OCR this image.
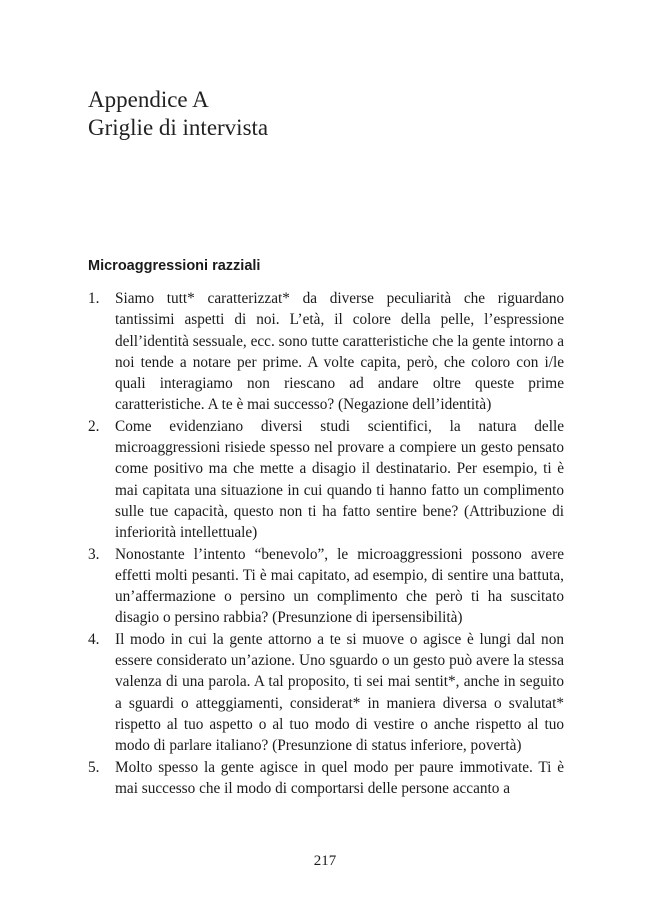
Appendice A
Griglie di intervista
Microaggressioni razziali
1. Siamo tutt* caratterizzat* da diverse peculiarità che riguardano tantissimi aspetti di noi. L’età, il colore della pelle, l’espressione dell’identità sessuale, ecc. sono tutte caratteristiche che la gente intorno a noi tende a notare per prime. A volte capita, però, che coloro con i/le quali interagiamo non riescano ad andare oltre queste prime caratteristiche. A te è mai successo? (Negazione dell’identità)
2. Come evidenziano diversi studi scientifici, la natura delle microaggressioni risiede spesso nel provare a compiere un gesto pensato come positivo ma che mette a disagio il destinatario. Per esempio, ti è mai capitata una situazione in cui quando ti hanno fatto un complimento sulle tue capacità, questo non ti ha fatto sentire bene? (Attribuzione di inferiorità intellettuale)
3. Nonostante l’intento “benevolo”, le microaggressioni possono avere effetti molti pesanti. Ti è mai capitato, ad esempio, di sentire una battuta, un’affermazione o persino un complimento che però ti ha suscitato disagio o persino rabbia? (Presunzione di ipersensibilità)
4. Il modo in cui la gente attorno a te si muove o agisce è lungi dal non essere considerato un’azione. Uno sguardo o un gesto può avere la stessa valenza di una parola. A tal proposito, ti sei mai sentit*, anche in seguito a sguardi o atteggiamenti, considerat* in maniera diversa o svalutat* rispetto al tuo aspetto o al tuo modo di vestire o anche rispetto al tuo modo di parlare italiano? (Presunzione di status inferiore, povertà)
5. Molto spesso la gente agisce in quel modo per paure immotivate. Ti è mai successo che il modo di comportarsi delle persone accanto a
217
